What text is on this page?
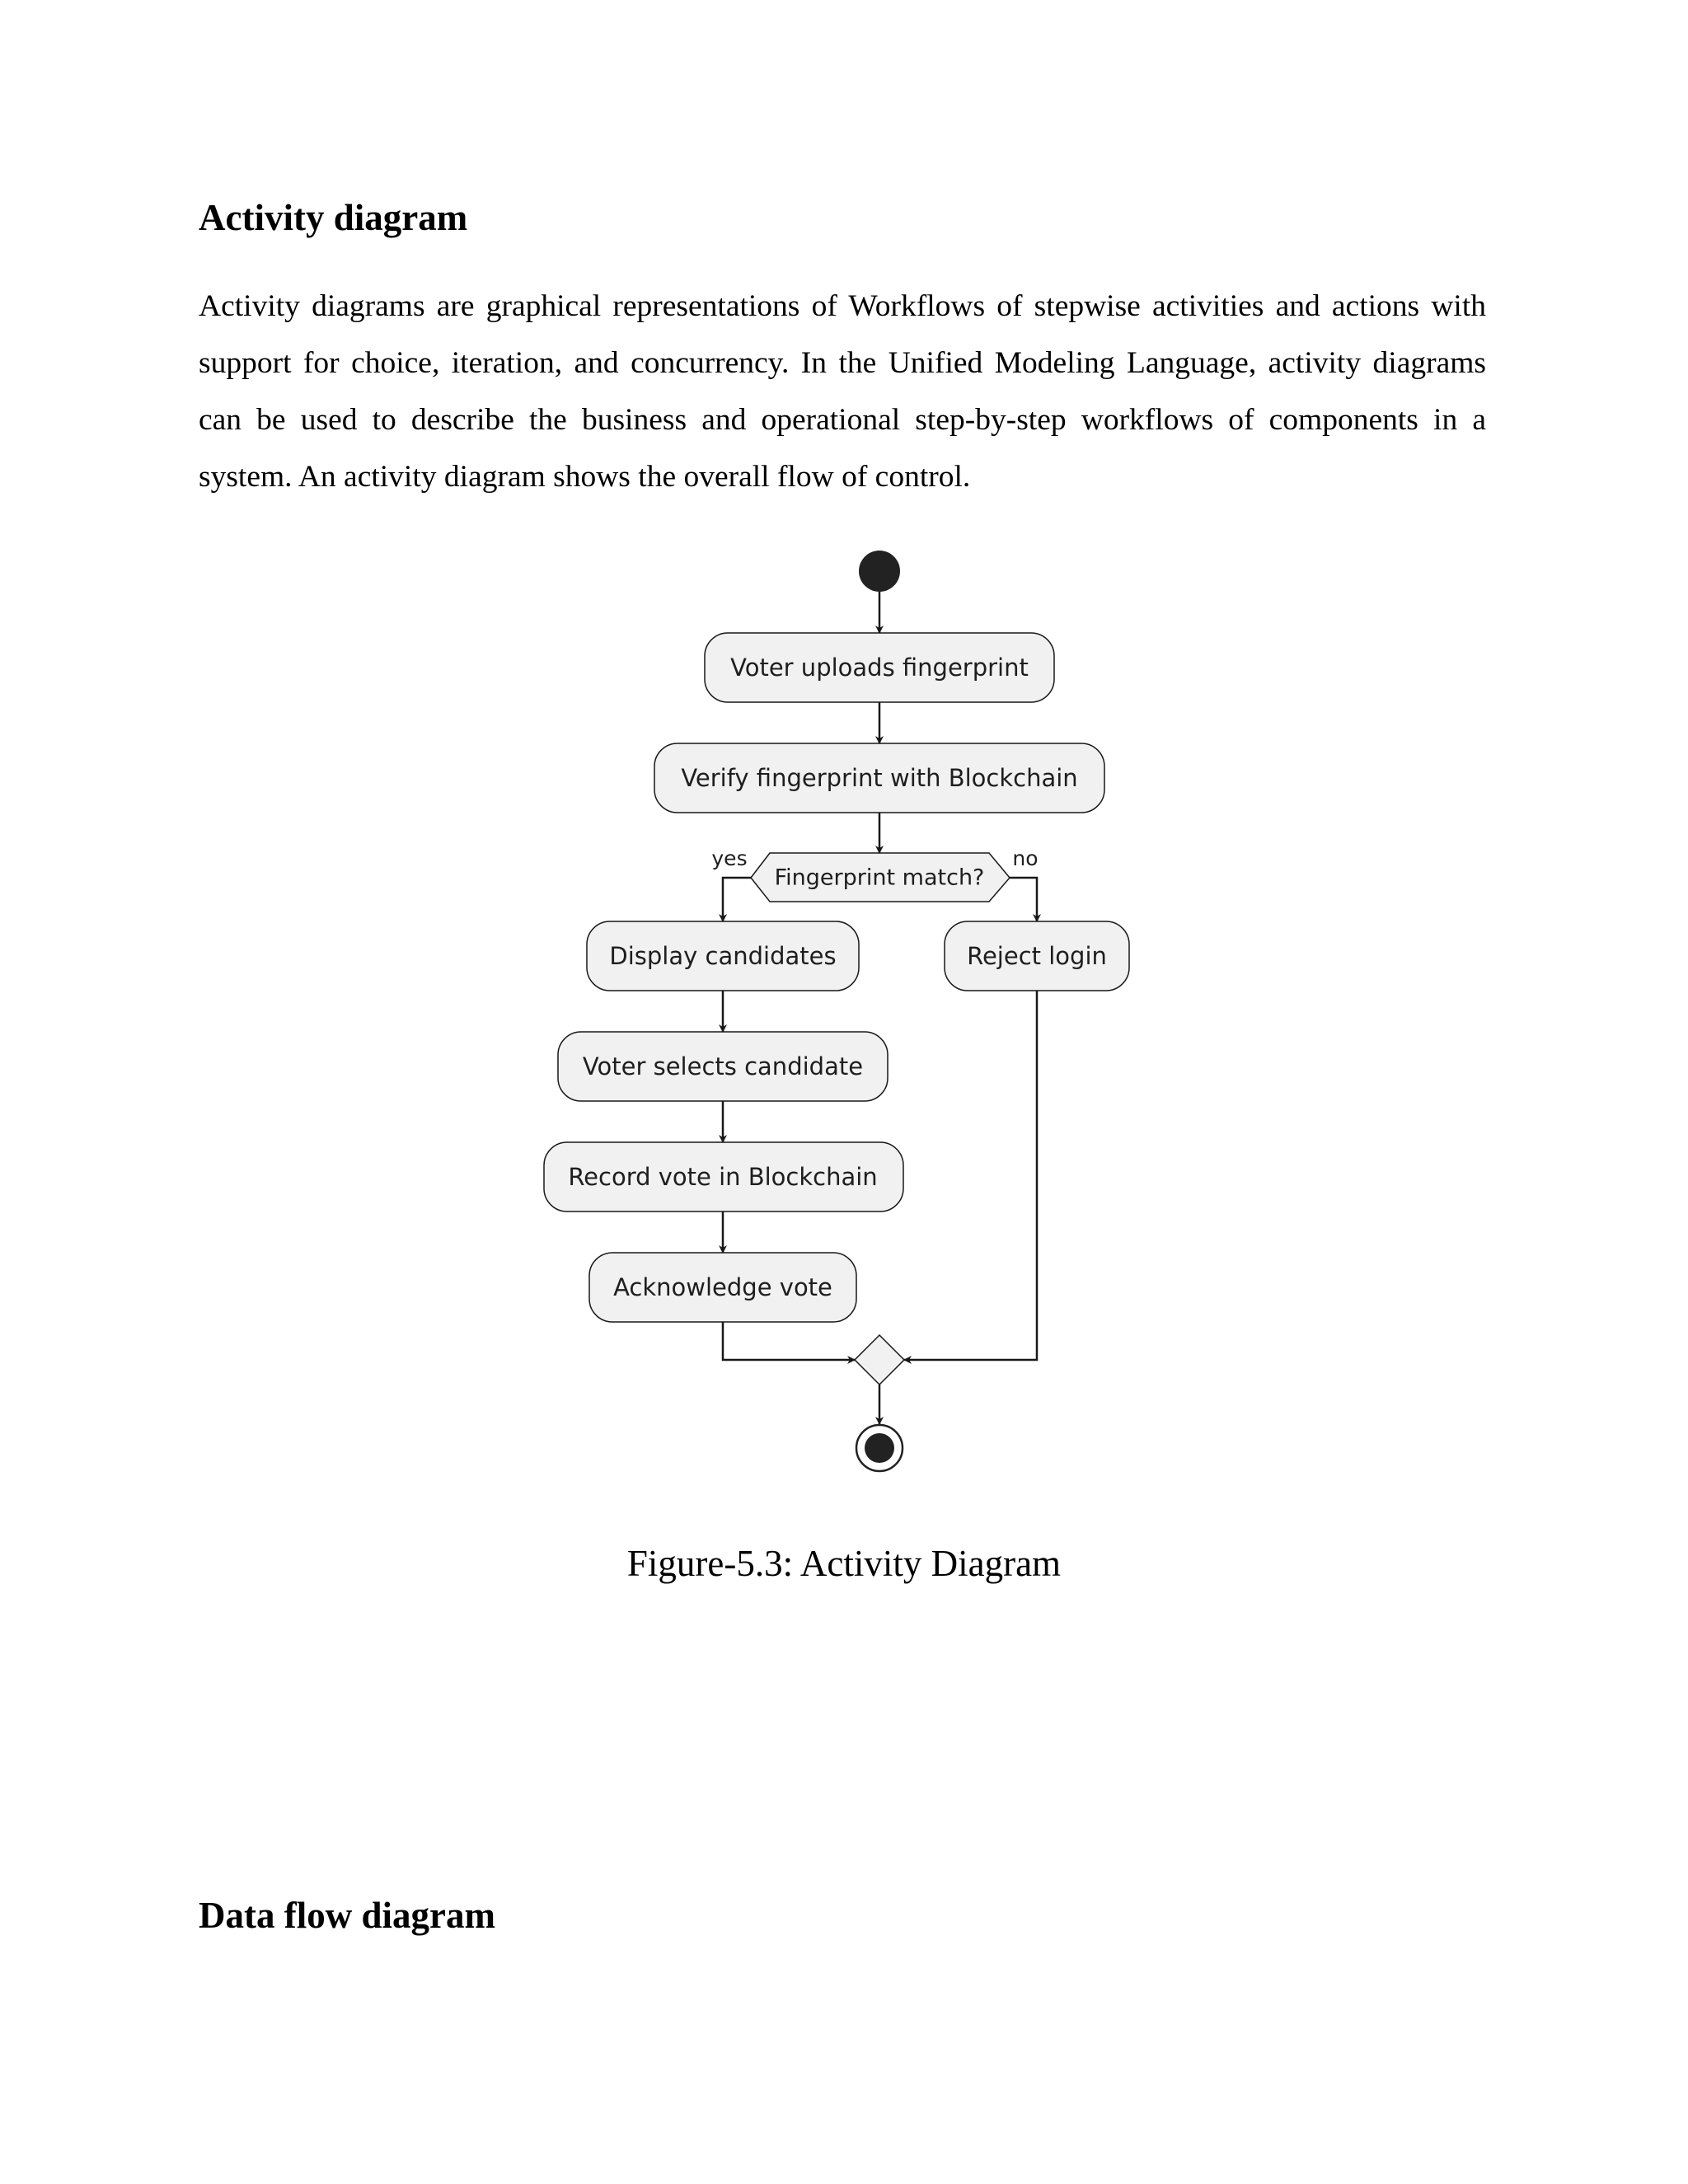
Activity diagram

Activity diagrams are graphical representations of Workflows of stepwise activities and actions with support for choice, iteration, and concurrency. In the Unified Modeling Language, activity diagrams can be used to describe the business and operational step-by-step workflows of components in a system. An activity diagram shows the overall flow of control.

Voter uploads fingerprint
Verify fingerprint with Blockchain
Fingerprint match?
yes	no
Display candidates	Reject login
Voter selects candidate
Record vote in Blockchain
Acknowledge vote

Figure-5.3: Activity Diagram

Data flow diagram
